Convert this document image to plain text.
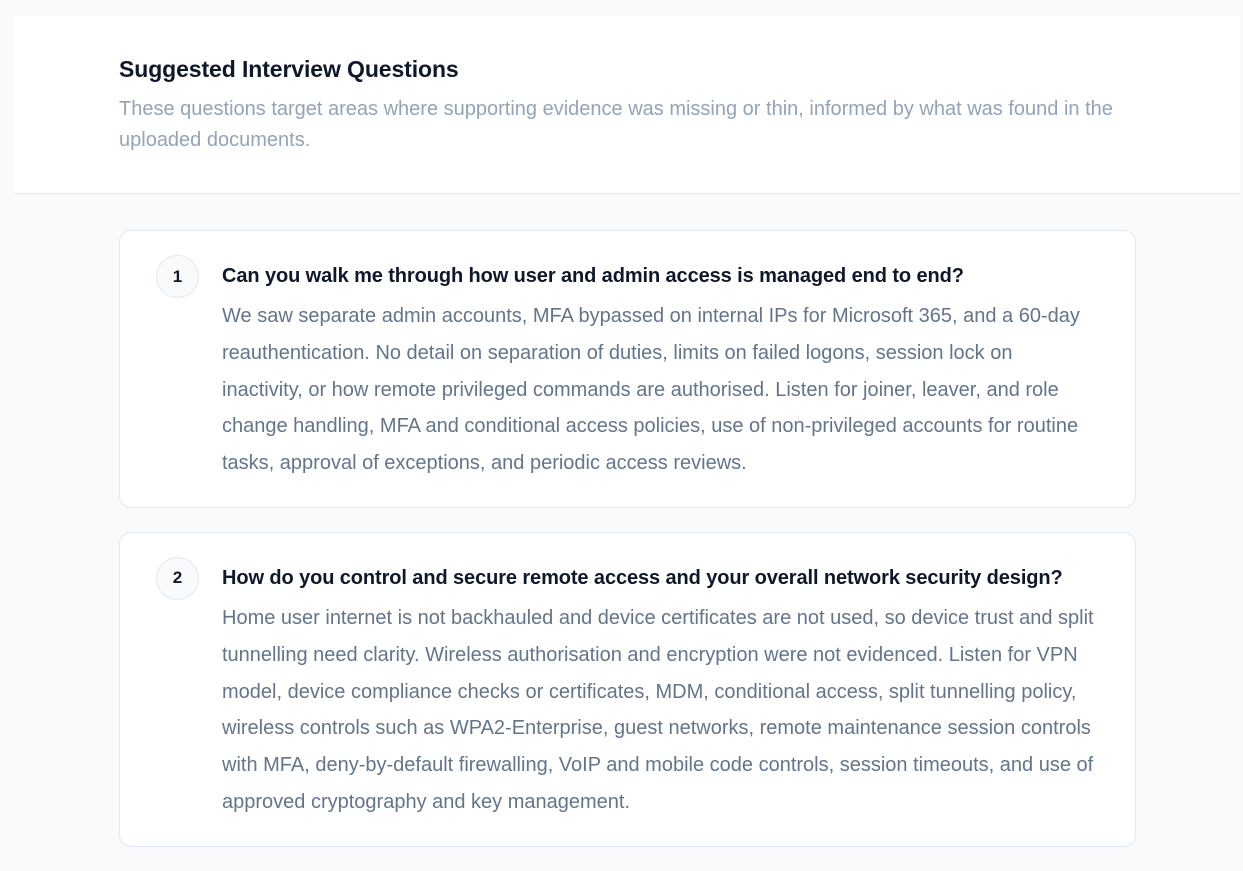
Suggested Interview Questions

These questions target areas where supporting evidence was missing or thin, informed by what was found in the uploaded documents.

1	Can you walk me through how user and admin access is managed end to end?
We saw separate admin accounts, MFA bypassed on internal IPs for Microsoft 365, and a 60-day reauthentication. No detail on separation of duties, limits on failed logons, session lock on inactivity, or how remote privileged commands are authorised. Listen for joiner, leaver, and role change handling, MFA and conditional access policies, use of non-privileged accounts for routine tasks, approval of exceptions, and periodic access reviews.
2	How do you control and secure remote access and your overall network security design?
Home user internet is not backhauled and device certificates are not used, so device trust and split tunnelling need clarity. Wireless authorisation and encryption were not evidenced. Listen for VPN model, device compliance checks or certificates, MDM, conditional access, split tunnelling policy, wireless controls such as WPA2-Enterprise, guest networks, remote maintenance session controls with MFA, deny-by-default firewalling, VoIP and mobile code controls, session timeouts, and use of approved cryptography and key management.
